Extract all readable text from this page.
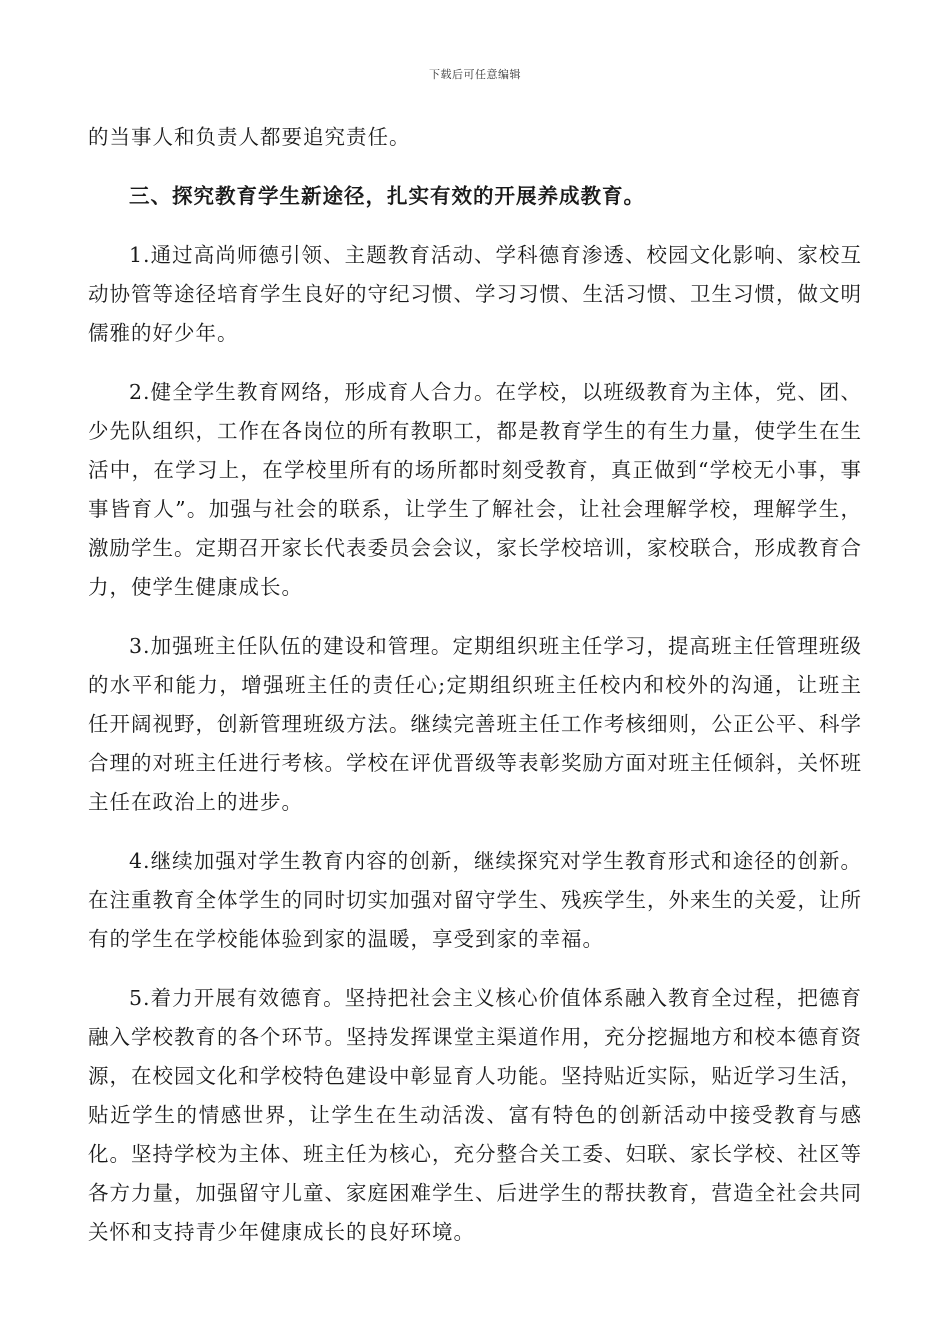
下载后可任意编辑

的当事人和负责人都要追究责任。

三、探究教育学生新途径，扎实有效的开展养成教育。

1.通过高尚师德引领、主题教育活动、学科德育渗透、校园文化影响、家校互动协管等途径培育学生良好的守纪习惯、学习习惯、生活习惯、卫生习惯，做文明儒雅的好少年。

2.健全学生教育网络，形成育人合力。在学校，以班级教育为主体，党、团、少先队组织，工作在各岗位的所有教职工，都是教育学生的有生力量，使学生在生活中，在学习上，在学校里所有的场所都时刻受教育，真正做到“学校无小事，事事皆育人”。加强与社会的联系，让学生了解社会，让社会理解学校，理解学生，激励学生。定期召开家长代表委员会会议，家长学校培训，家校联合，形成教育合力，使学生健康成长。

3.加强班主任队伍的建设和管理。定期组织班主任学习，提高班主任管理班级的水平和能力，增强班主任的责任心;定期组织班主任校内和校外的沟通，让班主任开阔视野，创新管理班级方法。继续完善班主任工作考核细则，公正公平、科学合理的对班主任进行考核。学校在评优晋级等表彰奖励方面对班主任倾斜，关怀班主任在政治上的进步。

4.继续加强对学生教育内容的创新，继续探究对学生教育形式和途径的创新。在注重教育全体学生的同时切实加强对留守学生、残疾学生，外来生的关爱，让所有的学生在学校能体验到家的温暖，享受到家的幸福。

5.着力开展有效德育。坚持把社会主义核心价值体系融入教育全过程，把德育融入学校教育的各个环节。坚持发挥课堂主渠道作用，充分挖掘地方和校本德育资源，在校园文化和学校特色建设中彰显育人功能。坚持贴近实际，贴近学习生活，贴近学生的情感世界，让学生在生动活泼、富有特色的创新活动中接受教育与感化。坚持学校为主体、班主任为核心，充分整合关工委、妇联、家长学校、社区等各方力量，加强留守儿童、家庭困难学生、后进学生的帮扶教育，营造全社会共同关怀和支持青少年健康成长的良好环境。
